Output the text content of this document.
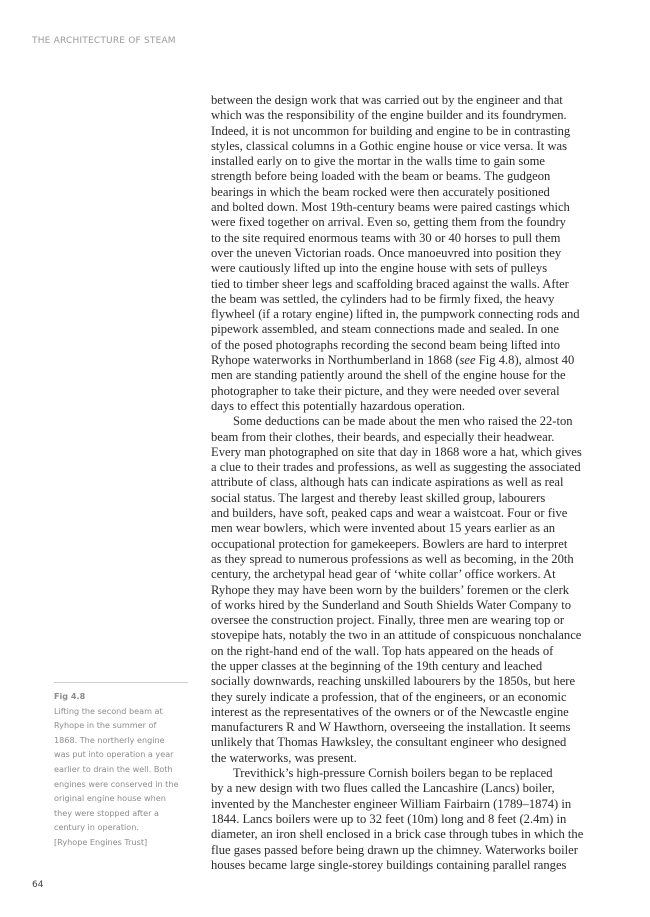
THE ARCHITECTURE OF STEAM
between the design work that was carried out by the engineer and that
which was the responsibility of the engine builder and its foundrymen.
Indeed, it is not uncommon for building and engine to be in contrasting
styles, classical columns in a Gothic engine house or vice versa. It was
installed early on to give the mortar in the walls time to gain some
strength before being loaded with the beam or beams. The gudgeon
bearings in which the beam rocked were then accurately positioned
and bolted down. Most 19th-century beams were paired castings which
were fixed together on arrival. Even so, getting them from the foundry
to the site required enormous teams with 30 or 40 horses to pull them
over the uneven Victorian roads. Once manoeuvred into position they
were cautiously lifted up into the engine house with sets of pulleys
tied to timber sheer legs and scaffolding braced against the walls. After
the beam was settled, the cylinders had to be firmly fixed, the heavy
flywheel (if a rotary engine) lifted in, the pumpwork connecting rods and
pipework assembled, and steam connections made and sealed. In one
of the posed photographs recording the second beam being lifted into
Ryhope waterworks in Northumberland in 1868 (see Fig 4.8), almost 40
men are standing patiently around the shell of the engine house for the
photographer to take their picture, and they were needed over several
days to effect this potentially hazardous operation.
Some deductions can be made about the men who raised the 22-ton
beam from their clothes, their beards, and especially their headwear.
Every man photographed on site that day in 1868 wore a hat, which gives
a clue to their trades and professions, as well as suggesting the associated
attribute of class, although hats can indicate aspirations as well as real
social status. The largest and thereby least skilled group, labourers
and builders, have soft, peaked caps and wear a waistcoat. Four or five
men wear bowlers, which were invented about 15 years earlier as an
occupational protection for gamekeepers. Bowlers are hard to interpret
as they spread to numerous professions as well as becoming, in the 20th
century, the archetypal head gear of ‘white collar’ office workers. At
Ryhope they may have been worn by the builders’ foremen or the clerk
of works hired by the Sunderland and South Shields Water Company to
oversee the construction project. Finally, three men are wearing top or
stovepipe hats, notably the two in an attitude of conspicuous nonchalance
on the right-hand end of the wall. Top hats appeared on the heads of
the upper classes at the beginning of the 19th century and leached
socially downwards, reaching unskilled labourers by the 1850s, but here
they surely indicate a profession, that of the engineers, or an economic
interest as the representatives of the owners or of the Newcastle engine
manufacturers R and W Hawthorn, overseeing the installation. It seems
unlikely that Thomas Hawksley, the consultant engineer who designed
the waterworks, was present.
Trevithick’s high-pressure Cornish boilers began to be replaced
by a new design with two flues called the Lancashire (Lancs) boiler,
invented by the Manchester engineer William Fairbairn (1789–1874) in
1844. Lancs boilers were up to 32 feet (10m) long and 8 feet (2.4m) in
diameter, an iron shell enclosed in a brick case through tubes in which the
flue gases passed before being drawn up the chimney. Waterworks boiler
houses became large single-storey buildings containing parallel ranges
Fig 4.8
Lifting the second beam at
Ryhope in the summer of
1868. The northerly engine
was put into operation a year
earlier to drain the well. Both
engines were conserved in the
original engine house when
they were stopped after a
century in operation.
[Ryhope Engines Trust]
64
